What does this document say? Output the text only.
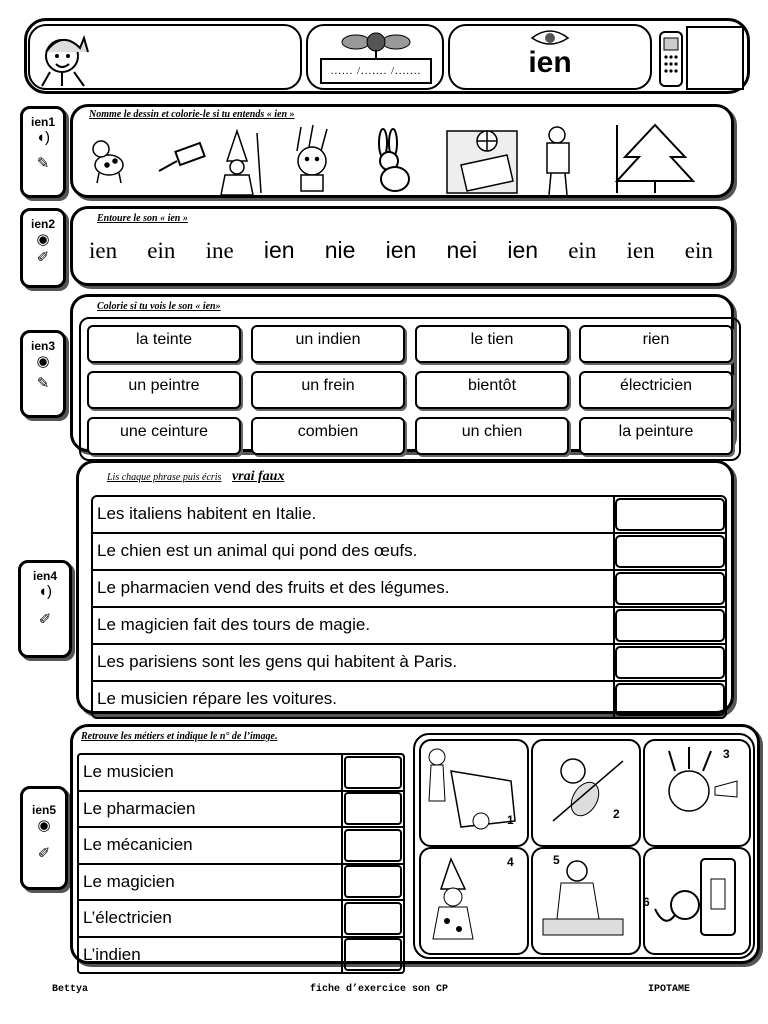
...... /....... /.......	ien
ien1
◖)
✎
Nomme le dessin et colorie-le si tu entends « ien »
ien2
◉
✐
Entoure le son « ien »
ien ein ine ien nie ien nei ien ein ien ein
ien3
◉
✎
Colorie si tu vois le son « ien»
la teinte	un indien	le tien	rien
un peintre	un frein	bientôt	électricien
une ceinture	combien	un chien	la peinture
ien4
◖)
✐
Lis chaque phrase puis écris vrai faux
Les italiens habitent en Italie.
Le chien est un animal qui pond des œufs.
Le pharmacien vend des fruits et des légumes.
Le magicien fait des tours de magie.
Les parisiens sont les gens qui habitent à Paris.
Le musicien répare les voitures.
ien5
◉
✐
Retrouve les métiers et indique le n° de l’image.
Le musicien
Le pharmacien
Le mécanicien
Le magicien
L’électricien
L’indien
1	2
3
4	5
6
Bettya	fiche d’exercice son CP	IPOTAME
